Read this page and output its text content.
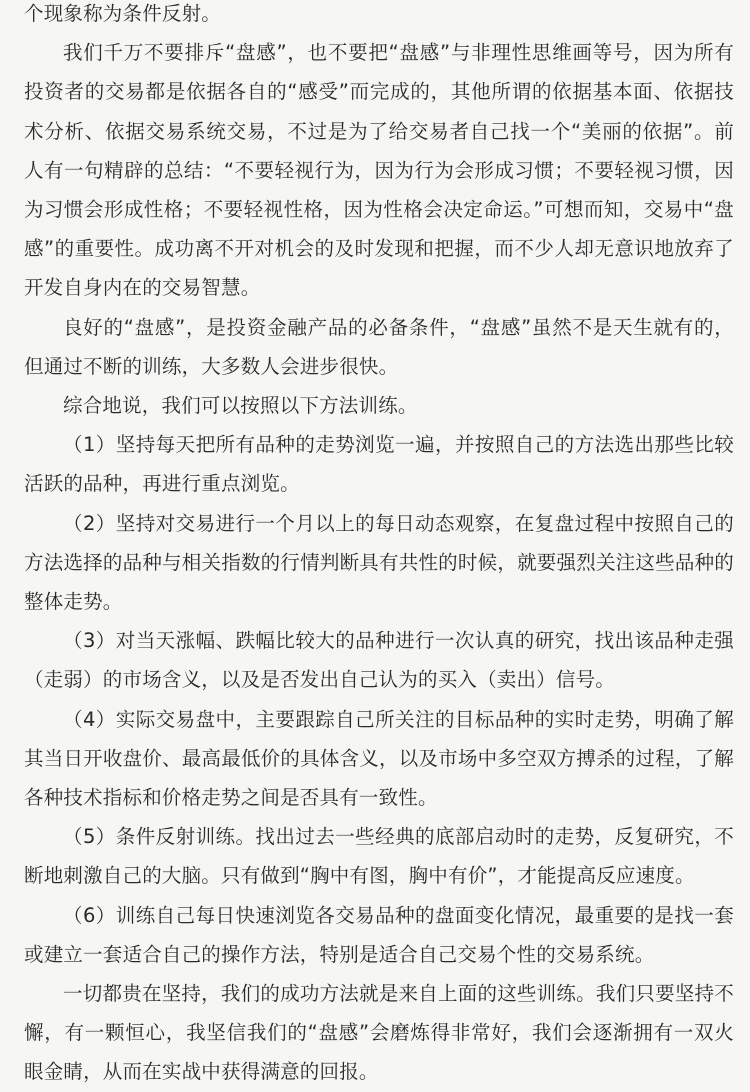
个现象称为条件反射。

我们千万不要排斥“盘感”，也不要把“盘感”与非理性思维画等号，因为所有投资者的交易都是依据各自的“感受”而完成的，其他所谓的依据基本面、依据技术分析、依据交易系统交易，不过是为了给交易者自己找一个“美丽的依据”。前人有一句精辟的总结：“不要轻视行为，因为行为会形成习惯；不要轻视习惯，因为习惯会形成性格；不要轻视性格，因为性格会决定命运。”可想而知，交易中“盘感”的重要性。成功离不开对机会的及时发现和把握，而不少人却无意识地放弃了开发自身内在的交易智慧。

良好的“盘感”，是投资金融产品的必备条件，“盘感”虽然不是天生就有的，但通过不断的训练，大多数人会进步很快。

综合地说，我们可以按照以下方法训练。

（1）坚持每天把所有品种的走势浏览一遍，并按照自己的方法选出那些比较活跃的品种，再进行重点浏览。

（2）坚持对交易进行一个月以上的每日动态观察，在复盘过程中按照自己的方法选择的品种与相关指数的行情判断具有共性的时候，就要强烈关注这些品种的整体走势。

（3）对当天涨幅、跌幅比较大的品种进行一次认真的研究，找出该品种走强（走弱）的市场含义，以及是否发出自己认为的买入（卖出）信号。

（4）实际交易盘中，主要跟踪自己所关注的目标品种的实时走势，明确了解其当日开收盘价、最高最低价的具体含义，以及市场中多空双方搏杀的过程，了解各种技术指标和价格走势之间是否具有一致性。

（5）条件反射训练。找出过去一些经典的底部启动时的走势，反复研究，不断地刺激自己的大脑。只有做到“胸中有图，胸中有价”，才能提高反应速度。

（6）训练自己每日快速浏览各交易品种的盘面变化情况，最重要的是找一套或建立一套适合自己的操作方法，特别是适合自己交易个性的交易系统。

一切都贵在坚持，我们的成功方法就是来自上面的这些训练。我们只要坚持不懈，有一颗恒心，我坚信我们的“盘感”会磨炼得非常好，我们会逐渐拥有一双火眼金睛，从而在实战中获得满意的回报。
